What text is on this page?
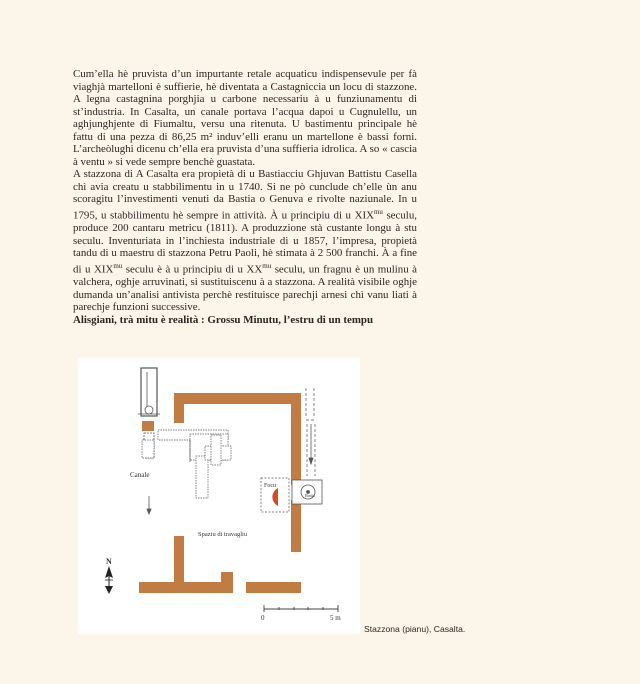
Cum’ella hè pruvista d’un impurtante retale acquaticu indispensevule per fà viaghjà martelloni è suffierie, hè diventata a Castagniccia un locu di stazzone. A legna castagnina porghjia u carbone necessariu à u funziunamentu di st’industria. In Casalta, un canale portava l’acqua dapoi u Cugnulellu, un aghjunghjente di Fiumaltu, versu una ritenuta. U bastimentu principale hè fattu di una pezza di 86,25 m² induv’elli eranu un martellone è bassi forni. L’archeòlughi dicenu ch’ella era pruvista d’una suffieria idrolica. A so « cascia à ventu » si vede sempre benchè guastata.

A stazzona di A Casalta era propietà di u Bastiacciu Ghjuvan Battistu Casella chì avia creatu u stabbilimentu in u 1740. Si ne pò cunclude ch’elle ùn anu scoragitu l’investimenti venuti da Bastia o Genuva e rivolte naziunale. In u 1795, u stabbilimentu hè sempre in attività. À u principiu di u $XIX^{mu}$ seculu, produce 200 cantaru metricu (1811). A produzzione stà custante longu à stu seculu. Inventuriata in l’inchiesta industriale di u 1857, l’impresa, propietà tandu di u maestru di stazzona Petru Paoli, hè stimata à 2 500 franchi. À a fine di u $XIX^{mu}$ seculu è à u principiu di u $XX^{mu}$ seculu, un fragnu è un mulinu à valchera, oghje arruvinati, si sustituiscenu à a stazzona. A realità visibile oghje dumanda un’analisi antivista perchè restituisce parechji arnesi chì vanu liati à parechje funzioni successive.

Alisgiani, trà mitu è realità : Grossu Minutu, l’estru di un tempu

Canale
Focu
Spaziu di travagliu
Roda
N
0	5 m
Stazzona (pianu), Casalta.
